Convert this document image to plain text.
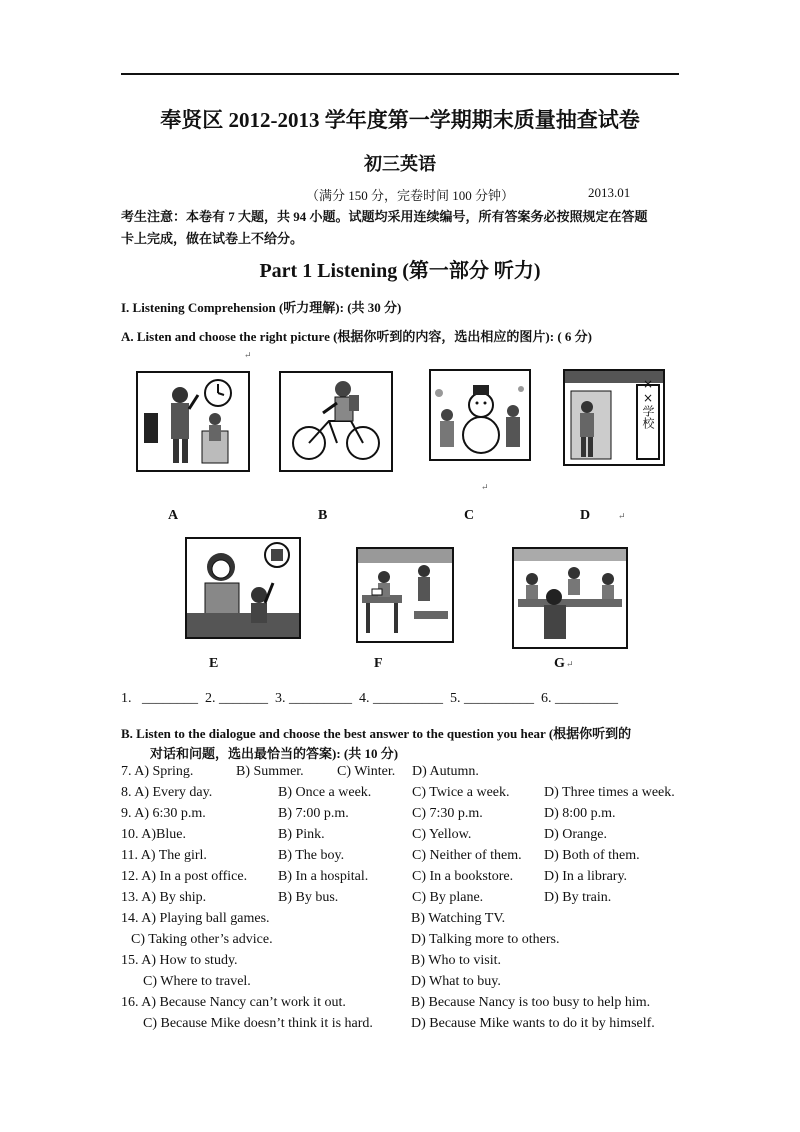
奉贤区 2012-2013 学年度第一学期期末质量抽查试卷
初三英语
（满分 150 分，完卷时间 100 分钟）	2013.01
考生注意：本卷有 7 大题，共 94 小题。试题均采用连续编号，所有答案务必按照规定在答题
卡上完成，做在试卷上不给分。
Part 1 Listening (第一部分 听力)
I. Listening Comprehension (听力理解): (共 30 分)
A. Listen and choose the right picture (根据你听到的内容，选出相应的图片): ( 6 分)
↵
××学校
A	B	C	D
↵
↵
E	F	G ↵
1.   ________  2. _______  3. _________  4. __________  5. __________  6. _________
B. Listen to the dialogue and choose the best answer to the question you hear (根据你听到的
对话和问题，选出最恰当的答案): (共 10 分)
7. A) Spring.	B) Summer. C) Winter. D) Autumn.
8. A) Every day.	B) Once a week.	C) Twice a week. D) Three times a week.
9. A) 6:30 p.m.	B) 7:00 p.m.	C) 7:30 p.m.	D) 8:00 p.m.
10. A)Blue.	B) Pink.	C) Yellow.	D) Orange.
11. A) The girl.	B) The boy.	C) Neither of them. D) Both of them.
12. A) In a post office. B) In a hospital.	C) In a bookstore. D) In a library.
13. A) By ship.	B) By bus.	C) By plane.	D) By train.
14. A) Playing ball games.	B) Watching TV.
C) Taking other’s advice.	D) Talking more to others.
15. A) How to study.	B) Who to visit.
C) Where to travel.	D) What to buy.
16. A) Because Nancy can’t work it out.	B) Because Nancy is too busy to help him.
C) Because Mike doesn’t think it is hard.	D) Because Mike wants to do it by himself.
